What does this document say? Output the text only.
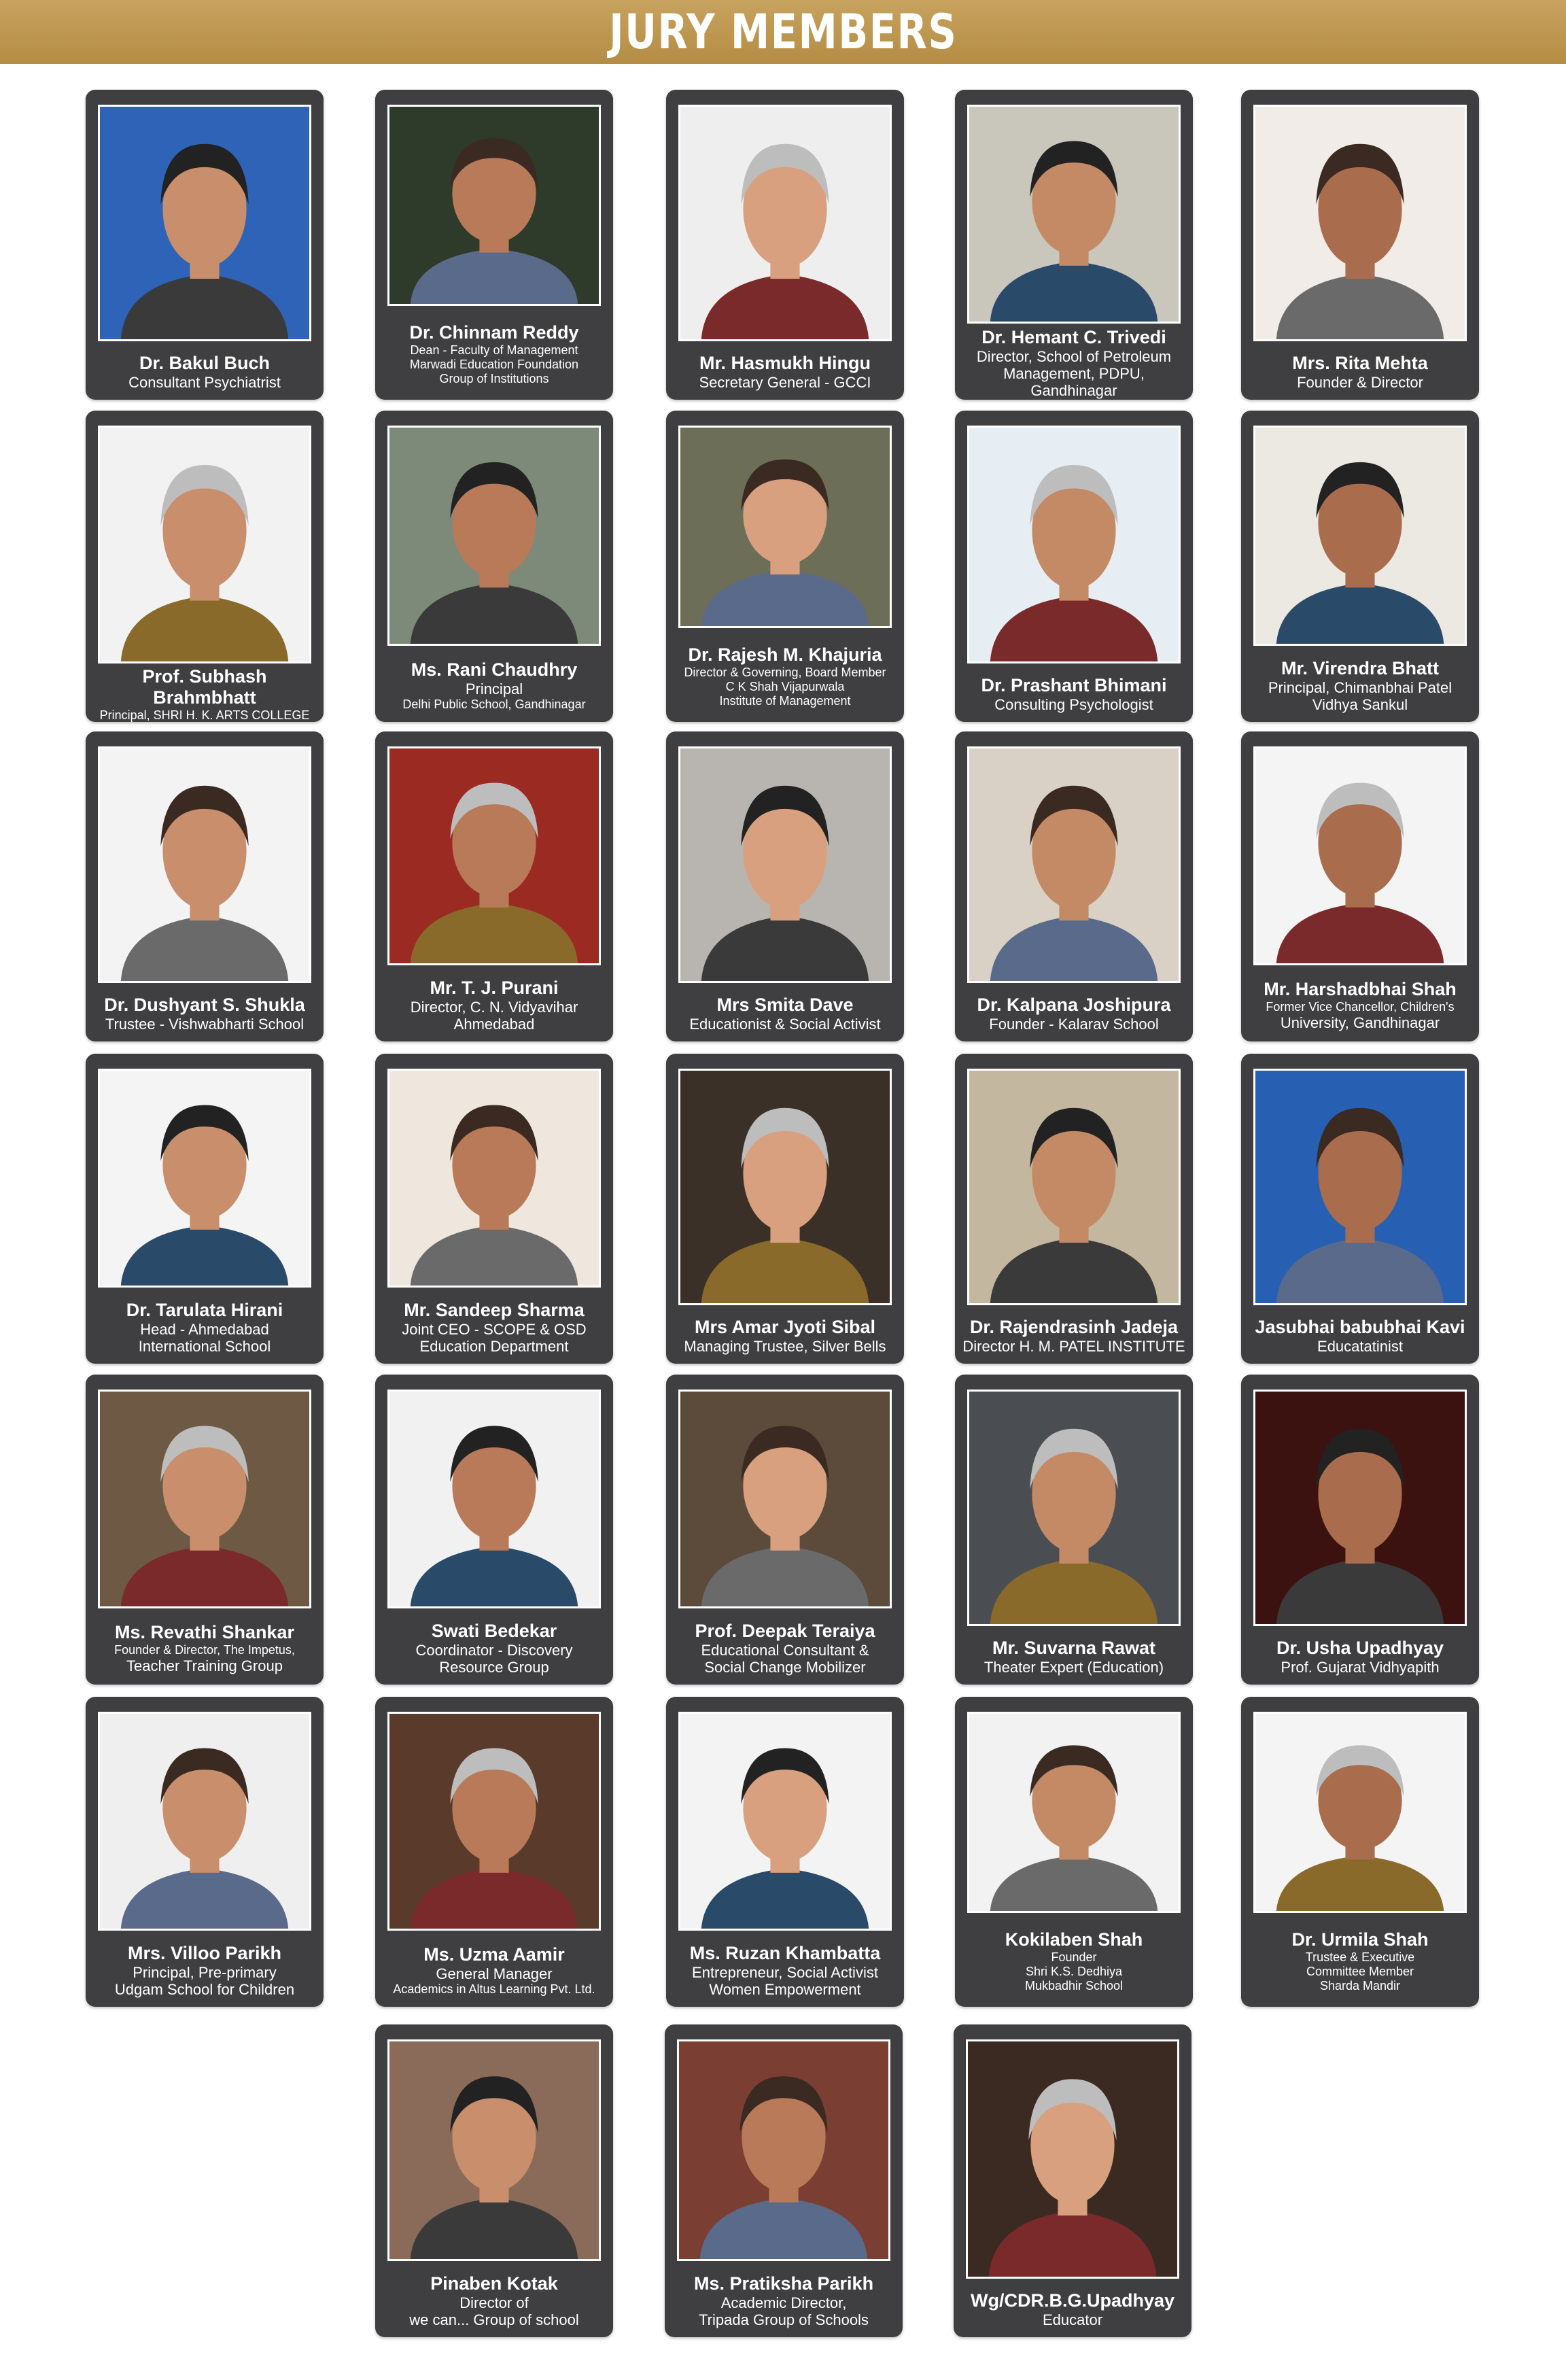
JURY MEMBERS
Dr. Bakul Buch
Consultant Psychiatrist
Dr. Chinnam Reddy
Dean - Faculty of Management
Marwadi Education Foundation
Group of Institutions
Mr. Hasmukh Hingu
Secretary General - GCCI
Dr. Hemant C. Trivedi
Director, School of Petroleum
Management, PDPU, Gandhinagar
Mrs. Rita Mehta
Founder & Director
Prof. Subhash Brahmbhatt
Principal, SHRI H. K. ARTS COLLEGE
Ms. Rani Chaudhry
Principal
Delhi Public School, Gandhinagar
Dr. Rajesh M. Khajuria
Director & Governing, Board Member
C K Shah Vijapurwala
Institute of Management
Dr. Prashant Bhimani
Consulting Psychologist
Mr. Virendra Bhatt
Principal, Chimanbhai Patel
Vidhya Sankul
Dr. Dushyant S. Shukla
Trustee - Vishwabharti School
Mr. T. J. Purani
Director, C. N. Vidyavihar
Ahmedabad
Mrs Smita Dave
Educationist & Social Activist
Dr. Kalpana Joshipura
Founder - Kalarav School
Mr. Harshadbhai Shah
Former Vice Chancellor, Children's
University, Gandhinagar
Dr. Tarulata Hirani
Head - Ahmedabad
International School
Mr. Sandeep Sharma
Joint CEO - SCOPE & OSD
Education Department
Mrs Amar Jyoti Sibal
Managing Trustee, Silver Bells
Dr. Rajendrasinh Jadeja
Director H. M. PATEL INSTITUTE
Jasubhai babubhai Kavi
Educatatinist
Ms. Revathi Shankar
Founder & Director, The Impetus,
Teacher Training Group
Swati Bedekar
Coordinator - Discovery
Resource Group
Prof. Deepak Teraiya
Educational Consultant &
Social Change Mobilizer
Mr. Suvarna Rawat
Theater Expert (Education)
Dr. Usha Upadhyay
Prof. Gujarat Vidhyapith
Mrs. Villoo Parikh
Principal, Pre-primary
Udgam School for Children
Ms. Uzma Aamir
General Manager
Academics in Altus Learning Pvt. Ltd.
Ms. Ruzan Khambatta
Entrepreneur, Social Activist
Women Empowerment
Kokilaben Shah
Founder
Shri K.S. Dedhiya
Mukbadhir School
Dr. Urmila Shah
Trustee & Executive
Committee Member
Sharda Mandir
Pinaben Kotak
Director of
we can... Group of school
Ms. Pratiksha Parikh
Academic Director,
Tripada Group of Schools
Wg/CDR.B.G.Upadhyay
Educator
